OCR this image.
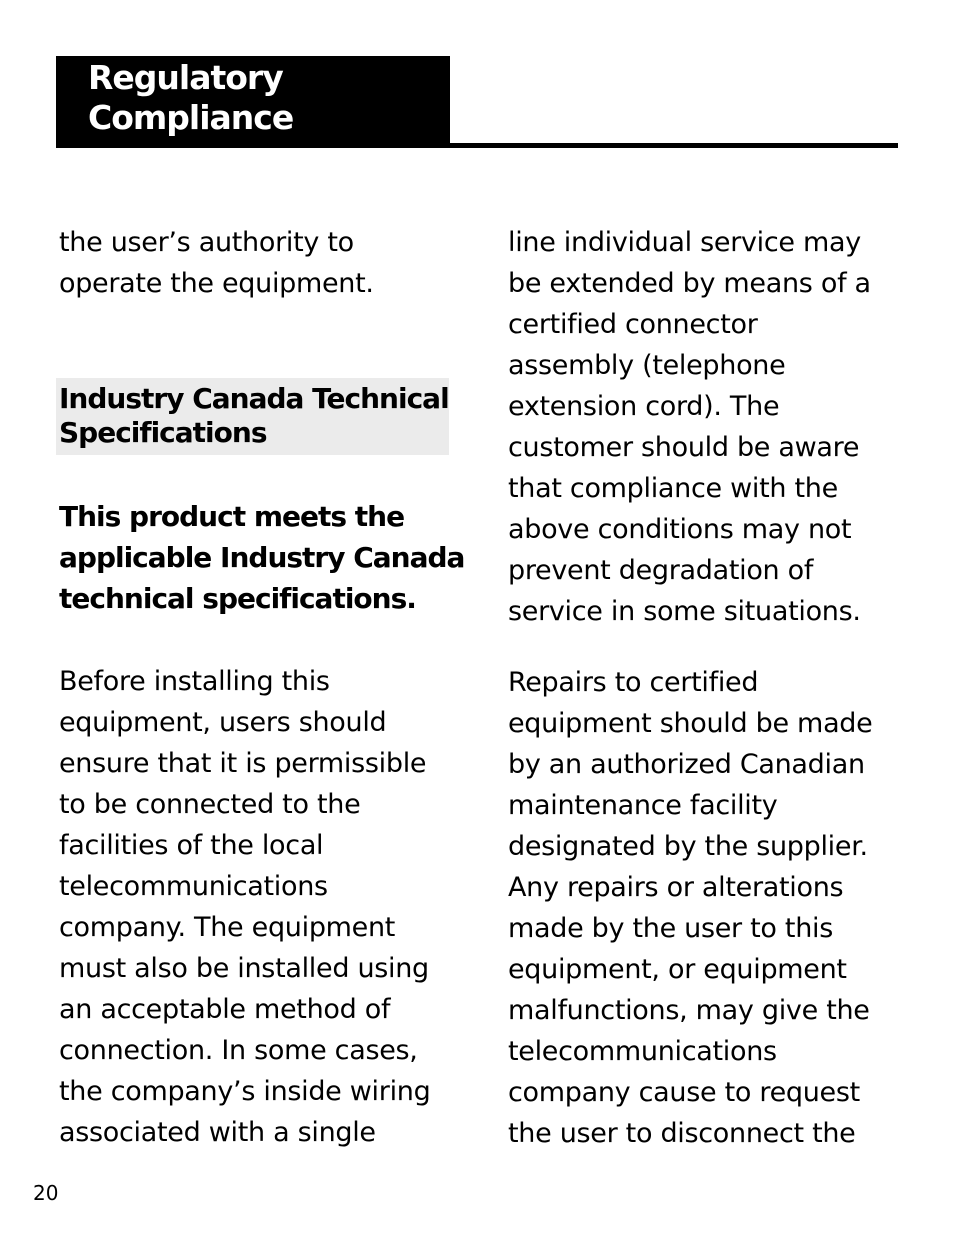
Regulatory
Compliance
the user’s authority to
operate the equipment.
Industry Canada Technical
Specifications
This product meets the
applicable Industry Canada
technical specifications.
Before installing this
equipment, users should
ensure that it is permissible
to be connected to the
facilities of the local
telecommunications
company. The equipment
must also be installed using
an acceptable method of
connection. In some cases,
the company’s inside wiring
associated with a single
line individual service may
be extended by means of a
certified connector
assembly (telephone
extension cord). The
customer should be aware
that compliance with the
above conditions may not
prevent degradation of
service in some situations.
Repairs to certified
equipment should be made
by an authorized Canadian
maintenance facility
designated by the supplier.
Any repairs or alterations
made by the user to this
equipment, or equipment
malfunctions, may give the
telecommunications
company cause to request
the user to disconnect the
20
